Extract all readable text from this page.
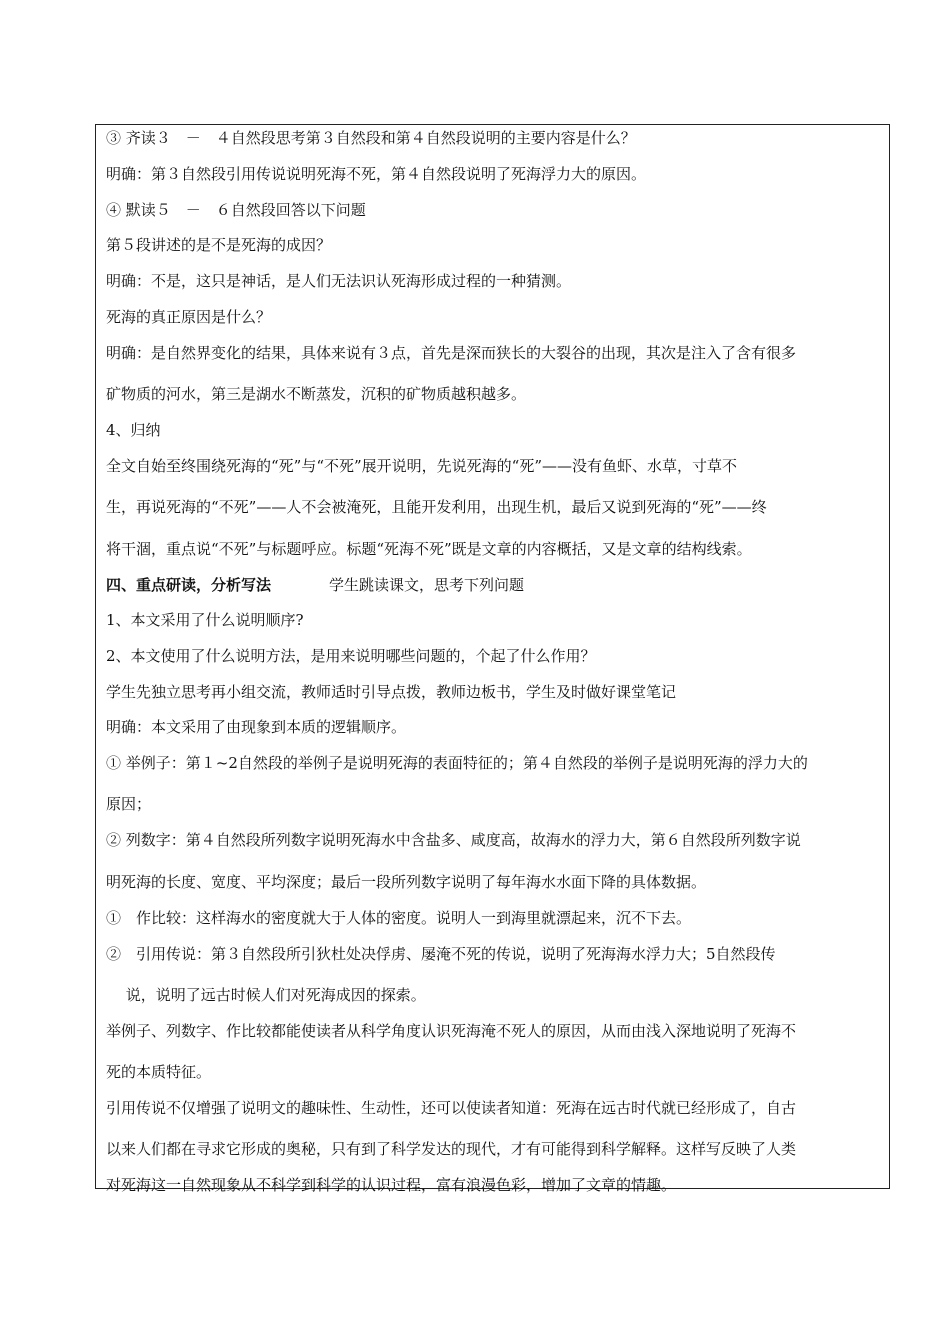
③ 齐读３　－　４自然段思考第３自然段和第４自然段说明的主要内容是什么？
明确：第３自然段引用传说说明死海不死，第４自然段说明了死海浮力大的原因。
④ 默读５　－　６自然段回答以下问题
第５段讲述的是不是死海的成因？
明确：不是，这只是神话，是人们无法识认死海形成过程的一种猜测。
死海的真正原因是什么？
明确：是自然界变化的结果，具体来说有３点，首先是深而狭长的大裂谷的出现，其次是注入了含有很多
矿物质的河水，第三是湖水不断蒸发，沉积的矿物质越积越多。
4、归纳
全文自始至终围绕死海的“死”与“不死”展开说明，先说死海的“死”——没有鱼虾、水草，寸草不
生，再说死海的“不死”——人不会被淹死，且能开发利用，出现生机，最后又说到死海的“死”——终
将干涸，重点说“不死”与标题呼应。标题“死海不死”既是文章的内容概括，又是文章的结构线索。
四、重点研读，分析写法	学生跳读课文，思考下列问题
1、本文采用了什么说明顺序?
2、本文使用了什么说明方法，是用来说明哪些问题的，个起了什么作用？
学生先独立思考再小组交流，教师适时引导点拨，教师边板书，学生及时做好课堂笔记
明确：本文采用了由现象到本质的逻辑顺序。
① 举例子：第１~2自然段的举例子是说明死海的表面特征的；第４自然段的举例子是说明死海的浮力大的
原因；
② 列数字：第４自然段所列数字说明死海水中含盐多、咸度高，故海水的浮力大，第６自然段所列数字说
明死海的长度、宽度、平均深度；最后一段所列数字说明了每年海水水面下降的具体数据。
①　作比较：这样海水的密度就大于人体的密度。说明人一到海里就漂起来，沉不下去。
②　引用传说：第３自然段所引狄杜处决俘虏、屡淹不死的传说，说明了死海海水浮力大；5自然段传
　 说，说明了远古时候人们对死海成因的探索。
举例子、列数字、作比较都能使读者从科学角度认识死海淹不死人的原因，从而由浅入深地说明了死海不
死的本质特征。
引用传说不仅增强了说明文的趣味性、生动性，还可以使读者知道：死海在远古时代就已经形成了，自古
以来人们都在寻求它形成的奥秘，只有到了科学发达的现代，才有可能得到科学解释。这样写反映了人类
对死海这一自然现象从不科学到科学的认识过程，富有浪漫色彩，增加了文章的情趣。
